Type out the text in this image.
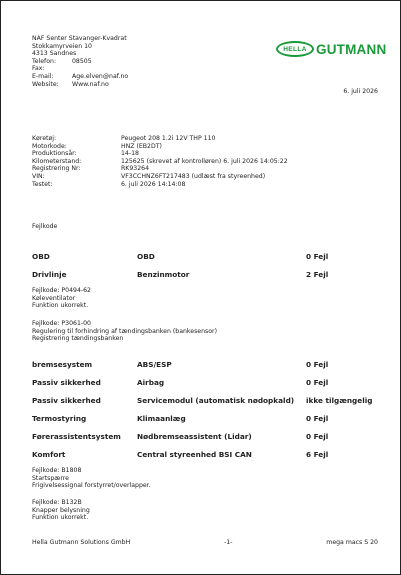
NAF Senter Stavanger-Kvadrat
Stokkamyrveien 10
4313 Sandnes
Telefon:	08505
Fax:
E-mail:	Age.elven@naf.no
Website:	Www.naf.no
HELLA GUTMANN
6. juli 2026
Køretøj:	Peugeot 208 1.2i 12V THP 110
Motorkode:	HNZ (EB2DT)
Produktionsår:	14-18
Kilometerstand:	125625 (skrevet af kontrolløren) 6. juli 2026 14:05:22
Registrering Nr:	RK93264
VIN:	VF3CCHNZ6FT217483 (udlæst fra styreenhed)
Testet:	6. juli 2026 14:14:08
Fejlkode
OBD	OBD	0 Fejl
Drivlinje	Benzinmotor	2 Fejl
Fejlkode: P0494-62
Køleventilator
Funktion ukorrekt.
Fejlkode: P3061-00
Regulering til forhindring af tændingsbanken (bankesensor)
Registrering tændingsbanken
bremsesystem	ABS/ESP	0 Fejl
Passiv sikkerhed	Airbag	0 Fejl
Passiv sikkerhed	Servicemodul (automatisk nødopkald)	ikke tilgængelig
Termostyring	Klimaanlæg	0 Fejl
Førerassistentsystem	Nødbremseassistent (Lidar)	0 Fejl
Komfort	Central styreenhed BSI CAN	6 Fejl
Fejlkode: B1808
Startspærre
Frigivelsessignal forstyrret/overlapper.
Fejlkode: B132B
Knapper belysning
Funktion ukorrekt.
Hella Gutmann Solutions GmbH	-1-	mega macs S 20
